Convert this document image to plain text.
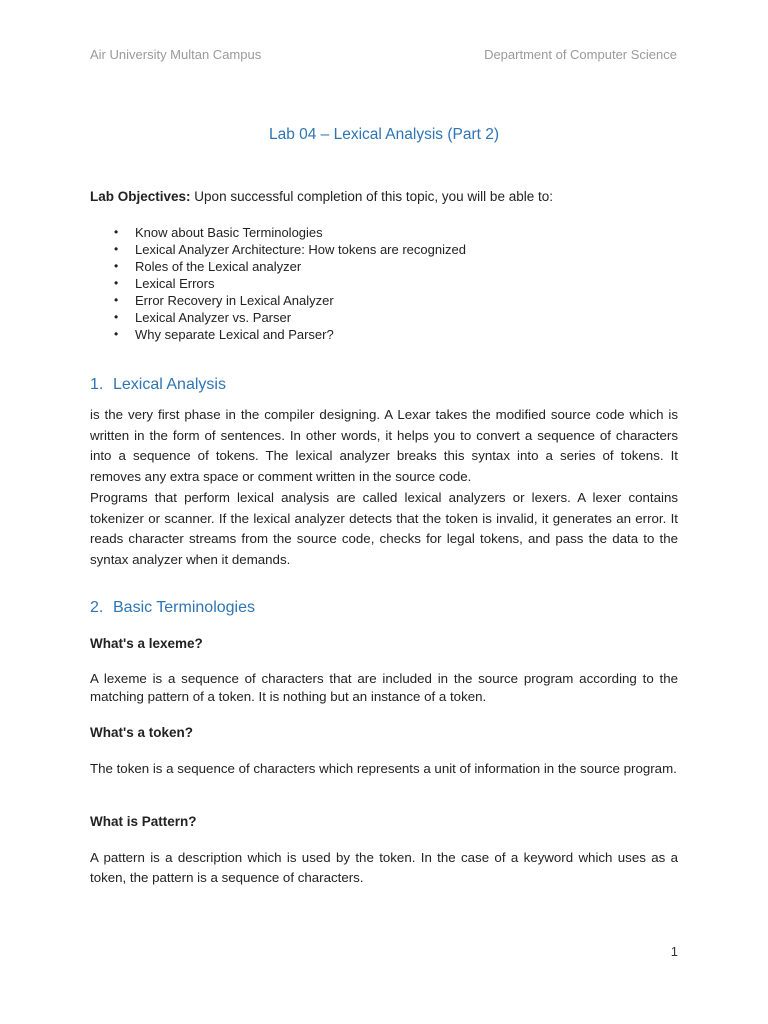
Air University Multan Campus	Department of Computer Science
Lab 04 – Lexical Analysis (Part 2)
Lab Objectives: Upon successful completion of this topic, you will be able to:
• Know about Basic Terminologies
• Lexical Analyzer Architecture: How tokens are recognized
• Roles of the Lexical analyzer
• Lexical Errors
• Error Recovery in Lexical Analyzer
• Lexical Analyzer vs. Parser
• Why separate Lexical and Parser?
1. Lexical Analysis

is the very first phase in the compiler designing. A Lexar takes the modified source code which is written in the form of sentences. In other words, it helps you to convert a sequence of characters into a sequence of tokens. The lexical analyzer breaks this syntax into a series of tokens. It removes any extra space or comment written in the source code.

Programs that perform lexical analysis are called lexical analyzers or lexers. A lexer contains tokenizer or scanner. If the lexical analyzer detects that the token is invalid, it generates an error. It reads character streams from the source code, checks for legal tokens, and pass the data to the syntax analyzer when it demands.

2. Basic Terminologies
What's a lexeme?

A lexeme is a sequence of characters that are included in the source program according to the matching pattern of a token. It is nothing but an instance of a token.

What's a token?

The token is a sequence of characters which represents a unit of information in the source program.

What is Pattern?

A pattern is a description which is used by the token. In the case of a keyword which uses as a token, the pattern is a sequence of characters.

1
